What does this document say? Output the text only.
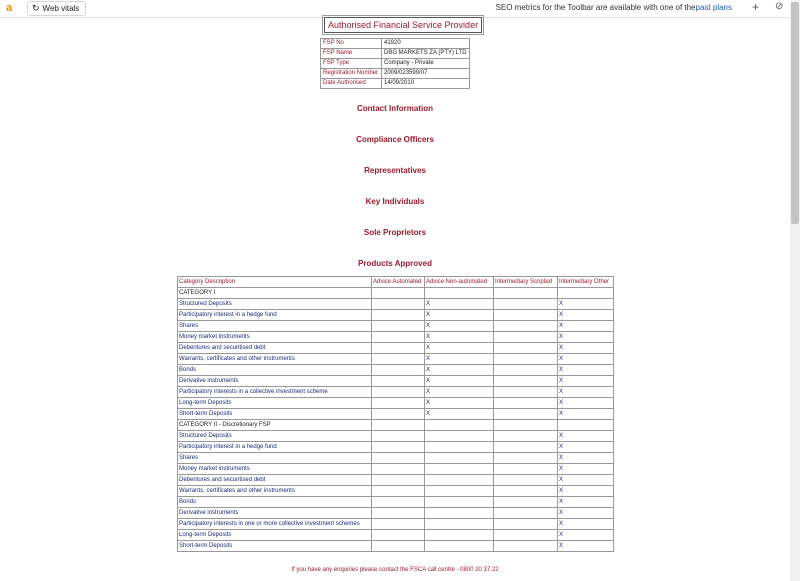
a	↻ Web vitals	SEO metrics for the Toolbar are available with one of thepaid plans + ⊘
Authorised Financial Service Provider
FSP No	41920
FSP Name	DBG MARKETS ZA (PTY) LTD
FSP Type	Company - Private
Registration Number	2009/023599/07
Date Authorised	14/09/2010
Contact Information
Compliance Officers
Representatives
Key Individuals
Sole Proprietors
Products Approved
Category Description	Advice Automated	Advice Non-automated	Intermediary Scripted	Intermediary Other
CATEGORY I				
Structured Deposits		X		X
Participatory interest in a hedge fund		X		X
Shares		X		X
Money market instruments		X		X
Debentures and securitised debt		X		X
Warrants, certificates and other instruments		X		X
Bonds		X		X
Derivative instruments		X		X
Participatory interests in a collective investment scheme		X		X
Long-term Deposits		X		X
Short-term Deposits		X		X
CATEGORY II - Discretionary FSP				
Structured Deposits				X
Participatory interest in a hedge fund				X
Shares				X
Money market instruments				X
Debentures and securitised debt				X
Warrants, certificates and other instruments				X
Bonds				X
Derivative instruments				X
Participatory interests in one or more collective investment schemes				X
Long-term Deposits				X
Short-term Deposits				X
If you have any enquiries please contact the FSCA call centre - 0800 20 37 22
